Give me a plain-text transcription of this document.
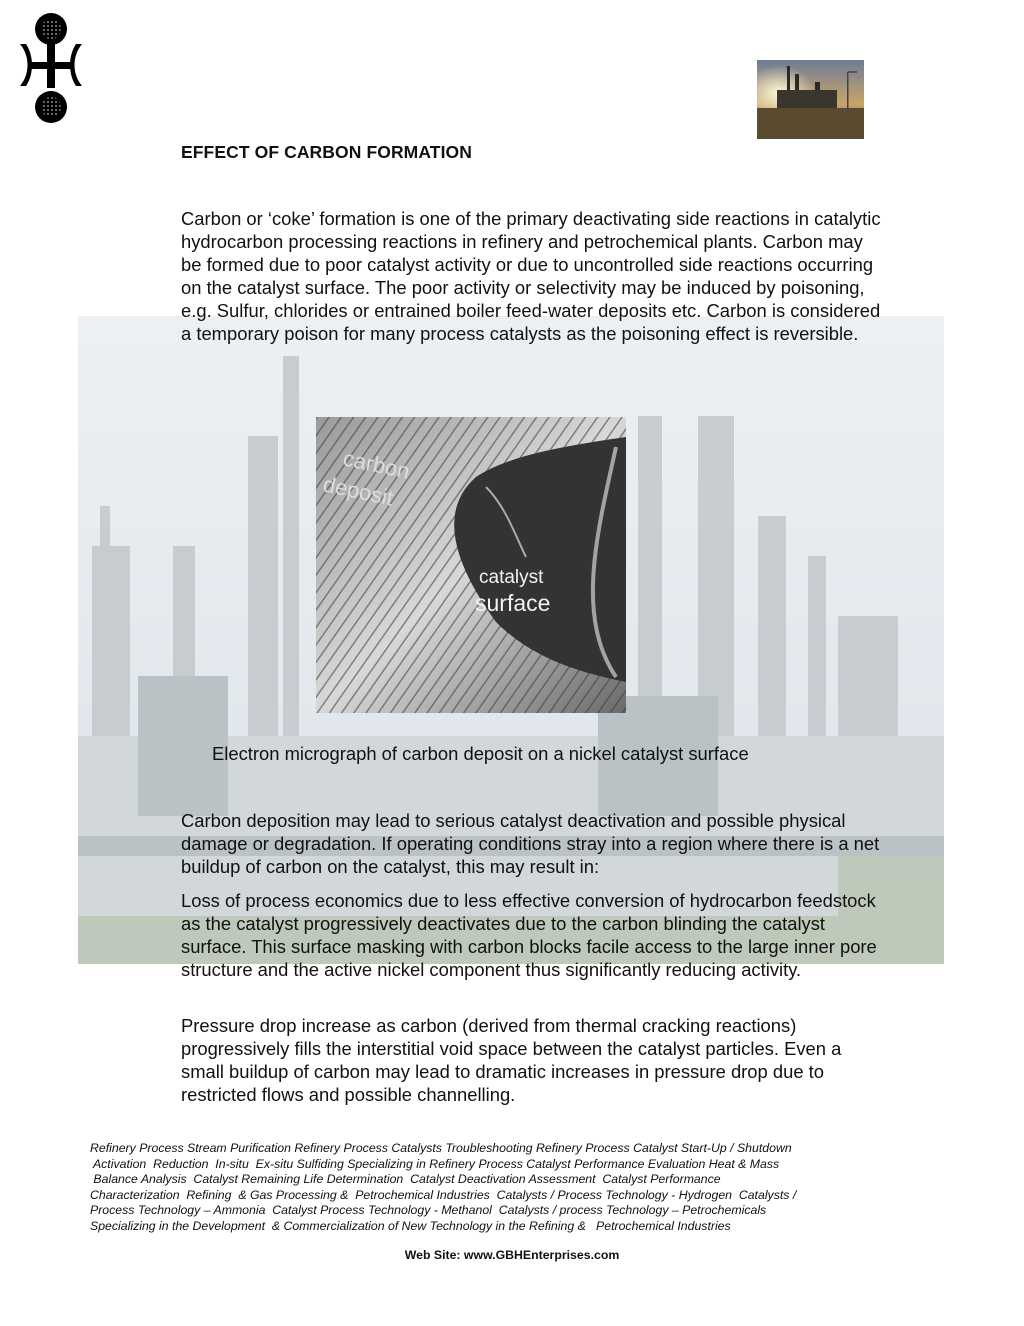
EFFECT OF CARBON FORMATION

Carbon or ‘coke’ formation is one of the primary deactivating side reactions in catalytic hydrocarbon processing reactions in refinery and petrochemical plants. Carbon may be formed due to poor catalyst activity or due to uncontrolled side reactions occurring on the catalyst surface. The poor activity or selectivity may be induced by poisoning, e.g. Sulfur, chlorides or entrained boiler feed-water deposits etc. Carbon is considered a temporary poison for many process catalysts as the poisoning effect is reversible.

carbon
deposit
catalyst
surface
Electron micrograph of carbon deposit on a nickel catalyst surface

Carbon deposition may lead to serious catalyst deactivation and possible physical damage or degradation. If operating conditions stray into a region where there is a net buildup of carbon on the catalyst, this may result in:

Loss of process economics due to less effective conversion of hydrocarbon feedstock as the catalyst progressively deactivates due to the carbon blinding the catalyst surface. This surface masking with carbon blocks facile access to the large inner pore structure and the active nickel component thus significantly reducing activity.

Pressure drop increase as carbon (derived from thermal cracking reactions) progressively fills the interstitial void space between the catalyst particles. Even a small buildup of carbon may lead to dramatic increases in pressure drop due to restricted flows and possible channelling.

Refinery Process Stream Purification Refinery Process Catalysts Troubleshooting Refinery Process Catalyst Start-Up / Shutdown
Activation  Reduction  In-situ  Ex-situ Sulfiding Specializing in Refinery Process Catalyst Performance Evaluation Heat & Mass
Balance Analysis  Catalyst Remaining Life Determination  Catalyst Deactivation Assessment  Catalyst Performance
Characterization  Refining  & Gas Processing &  Petrochemical Industries  Catalysts / Process Technology - Hydrogen  Catalysts /
Process Technology – Ammonia  Catalyst Process Technology - Methanol  Catalysts / process Technology – Petrochemicals
Specializing in the Development  & Commercialization of New Technology in the Refining &   Petrochemical Industries

Web Site: www.GBHEnterprises.com
